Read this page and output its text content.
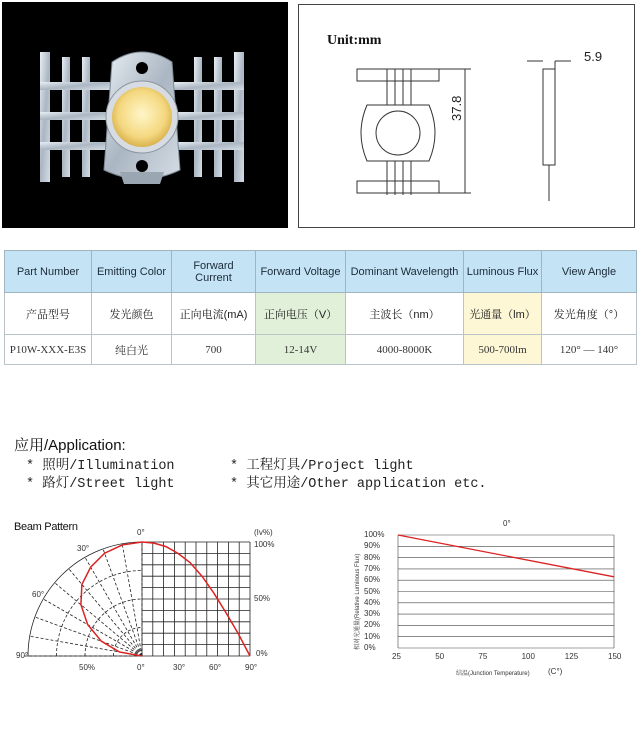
Unit:mm
37.8
5.9
Part Number	Emitting Color	Forward Current	Forward Voltage	Dominant Wavelength	Luminous Flux	View Angle
产品型号	发光颜色	正向电流(mA)	正向电压（V）	主波长（nm）	光通量（lm）	发光角度（°）
P10W-XXX-E3S	纯白光	700	12-14V	4000-8000K	500-700lm	120° — 140°
应用/Application:
* 照明/Illumination	* 工程灯具/Project light
* 路灯/Street light	* 其它用途/Other application etc.
Beam Pattern	0°
30°
60°
90°
50%	0°	30°	60°	90°
(Iv%)
100%
50%
0%
0°
0%
10%
20%
30%
40%
50%
60%
70%
80%
90%
100%
25	50	75	100	125	150
相对光通量(Relative Luminous Flux)
结温(Junction Temperature) (C°)
